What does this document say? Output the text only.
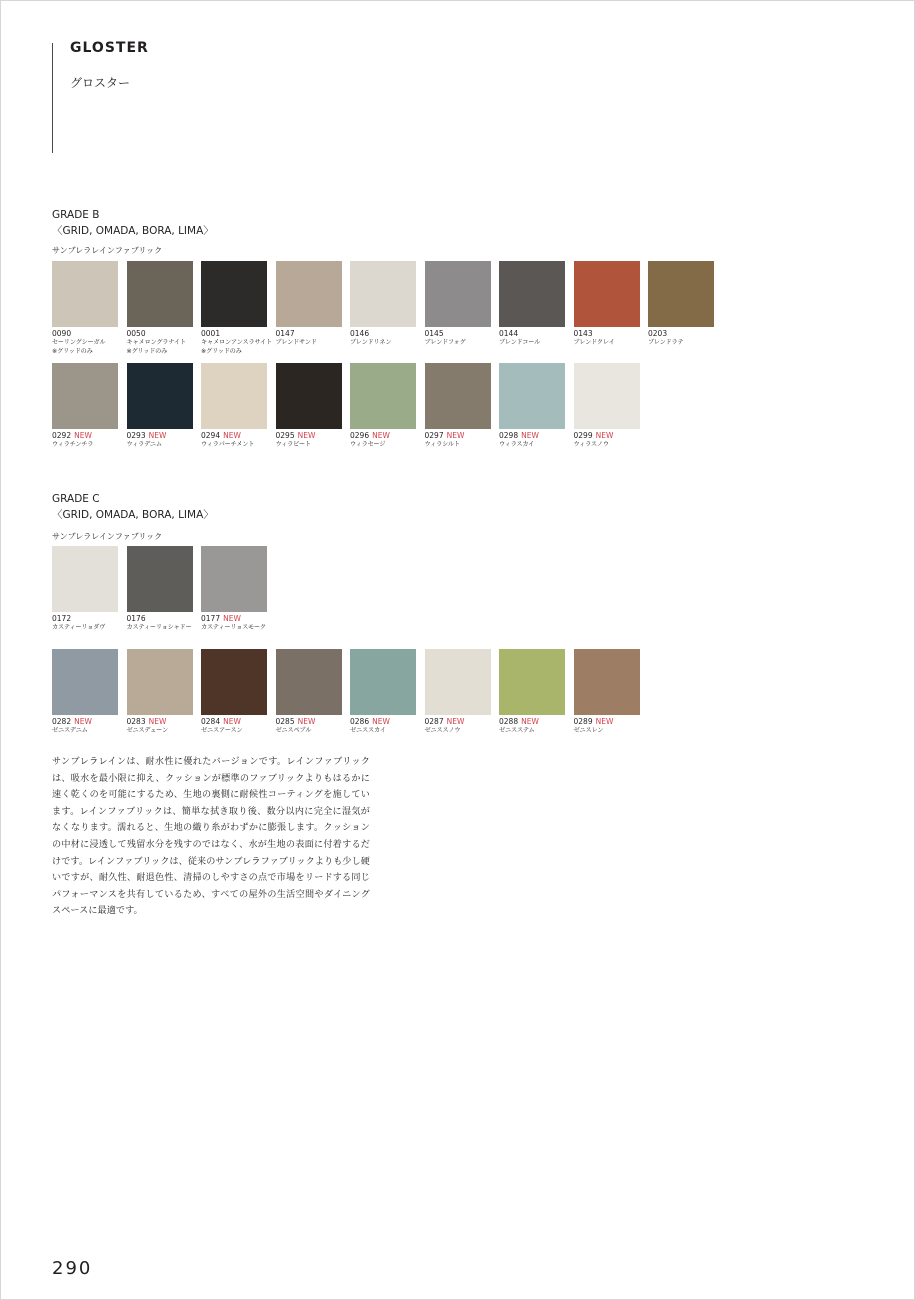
GLOSTER
グロスター
GRADE B
〈GRID, OMADA, BORA, LIMA〉
サンブレラレインファブリック
0090
セーリングシーガル
※グリッドのみ
0050
キャメロングラナイト
※グリッドのみ
0001
キャメロンアンスラサイト
※グリッドのみ
0147
ブレンドサンド
0146
ブレンドリネン
0145
ブレンドフォグ
0144
ブレンドコール
0143
ブレンドクレイ
0203
ブレンドラテ
0292 NEW
ウィラチンチラ
0293 NEW
ウィラデニム
0294 NEW
ウィラパーチメント
0295 NEW
ウィラビート
0296 NEW
ウィラセージ
0297 NEW
ウィラシルト
0298 NEW
ウィラスカイ
0299 NEW
ウィラスノウ
GRADE C
〈GRID, OMADA, BORA, LIMA〉
サンブレラレインファブリック
0172
カスティーリョダヴ
0176
カスティーリョシャドー
0177 NEW
カスティーリョスモーク
0282 NEW
ゼニスデニム
0283 NEW
ゼニスデューン
0284 NEW
ゼニスアースン
0285 NEW
ゼニスペブル
0286 NEW
ゼニススカイ
0287 NEW
ゼニススノウ
0288 NEW
ゼニスステム
0289 NEW
ゼニスレン
サンブレラレインは、耐水性に優れたバージョンです。レインファブリックは、吸水を最小限に抑え、クッションが標準のファブリックよりもはるかに速く乾くのを可能にするため、生地の裏側に耐候性コーティングを施しています。レインファブリックは、簡単な拭き取り後、数分以内に完全に湿気がなくなります。濡れると、生地の織り糸がわずかに膨張します。クッションの中材に浸透して残留水分を残すのではなく、水が生地の表面に付着するだけです。レインファブリックは、従来のサンブレラファブリックよりも少し硬いですが、耐久性、耐退色性、清掃のしやすさの点で市場をリードする同じパフォーマンスを共有しているため、すべての屋外の生活空間やダイニングスペースに最適です。
290
